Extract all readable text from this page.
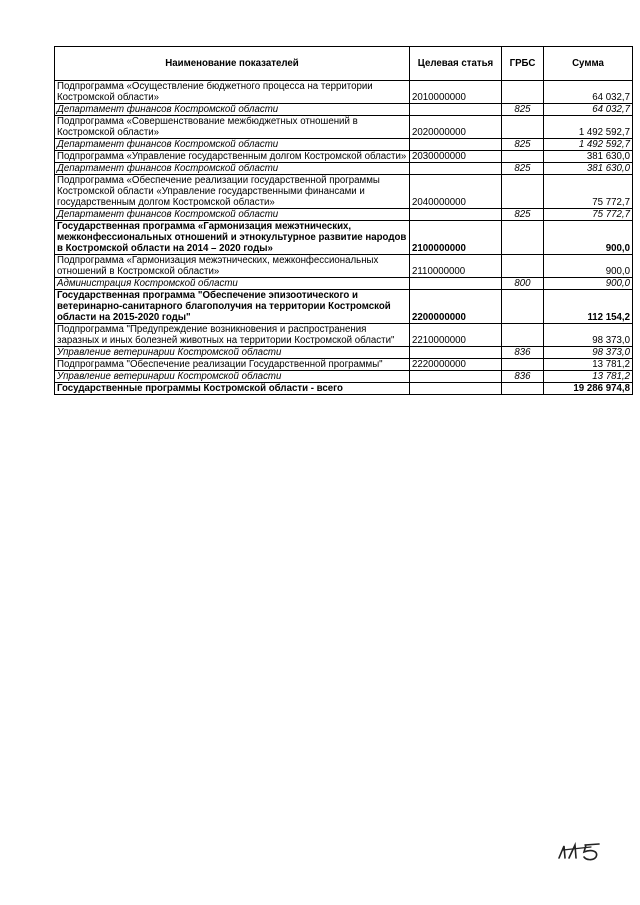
Наименование показателей	Целевая статья	ГРБС	Сумма
Подпрограмма «Осуществление бюджетного процесса на территории Костромской области»	2010000000		64 032,7
Департамент финансов Костромской области		825	64 032,7
Подпрограмма «Совершенствование межбюджетных отношений в Костромской области»	2020000000		1 492 592,7
Департамент финансов Костромской области		825	1 492 592,7
Подпрограмма «Управление государственным долгом Костромской области»	2030000000		381 630,0
Департамент финансов Костромской области		825	381 630,0
Подпрограмма «Обеспечение реализации государственной программы Костромской области «Управление государственными финансами и государственным долгом Костромской области»	2040000000		75 772,7
Департамент финансов Костромской области		825	75 772,7
Государственная программа «Гармонизация межэтнических, межконфессиональных отношений и этнокультурное развитие народов в Костромской области на 2014 – 2020 годы»	2100000000		900,0
Подпрограмма «Гармонизация межэтнических, межконфессиональных отношений в Костромской области»	2110000000		900,0
Администрация Костромской области		800	900,0
Государственная программа "Обеспечение эпизоотического и ветеринарно-санитарного благополучия на территории Костромской области на 2015-2020 годы"	2200000000		112 154,2
Подпрограмма "Предупреждение возникновения и распространения заразных и иных болезней животных на территории Костромской области"	2210000000		98 373,0
Управление ветеринарии Костромской области		836	98 373,0
Подпрограмма "Обеспечение реализации Государственной программы"	2220000000		13 781,2
Управление ветеринарии Костромской области		836	13 781,2
Государственные программы Костромской области - всего			19 286 974,8
